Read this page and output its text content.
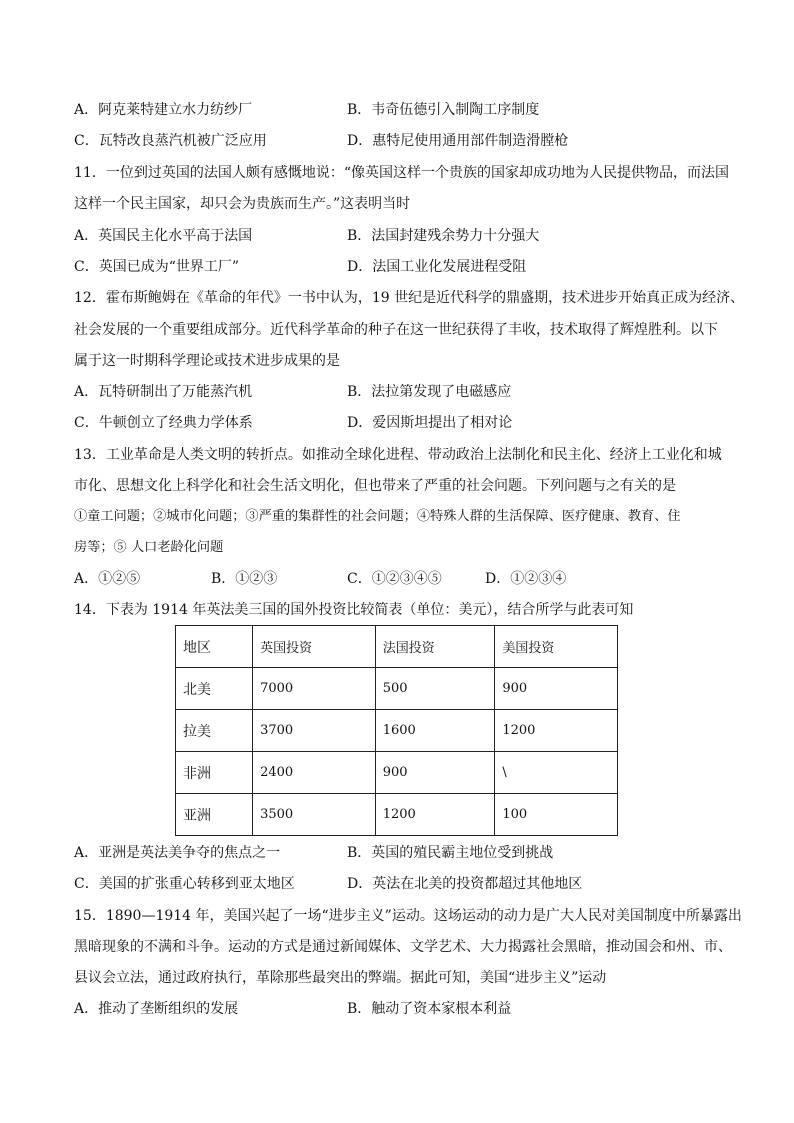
A．阿克莱特建立水力纺纱厂	B．韦奇伍德引入制陶工序制度
C．瓦特改良蒸汽机被广泛应用	D．惠特尼使用通用部件制造滑膛枪
11．一位到过英国的法国人颇有感慨地说：“像英国这样一个贵族的国家却成功地为人民提供物品，而法国
这样一个民主国家，却只会为贵族而生产。”这表明当时
A．英国民主化水平高于法国	B．法国封建残余势力十分强大
C．英国已成为“世界工厂”	D．法国工业化发展进程受阻
12．霍布斯鲍姆在《革命的年代》一书中认为，19 世纪是近代科学的鼎盛期，技术进步开始真正成为经济、
社会发展的一个重要组成部分。近代科学革命的种子在这一世纪获得了丰收，技术取得了辉煌胜利。以下
属于这一时期科学理论或技术进步成果的是
A．瓦特研制出了万能蒸汽机	B．法拉第发现了电磁感应
C．牛顿创立了经典力学体系	D．爱因斯坦提出了相对论
13．工业革命是人类文明的转折点。如推动全球化进程、带动政治上法制化和民主化、经济上工业化和城
市化、思想文化上科学化和社会生活文明化，但也带来了严重的社会问题。下列问题与之有关的是
①童工问题；②城市化问题；③严重的集群性的社会问题；④特殊人群的生活保障、医疗健康、教育、住
房等；⑤ 人口老龄化问题
A．①②⑤	B．①②③	C．①②③④⑤	D．①②③④
14．下表为 1914 年英法美三国的国外投资比较简表（单位：美元），结合所学与此表可知
地区	英国投资	法国投资	美国投资
北美	7000	500	900
拉美	3700	1600	1200
非洲	2400	900	\
亚洲	3500	1200	100
A．亚洲是英法美争夺的焦点之一	B．英国的殖民霸主地位受到挑战
C．美国的扩张重心转移到亚太地区	D．英法在北美的投资都超过其他地区
15．1890—1914 年，美国兴起了一场“进步主义”运动。这场运动的动力是广大人民对美国制度中所暴露出
黑暗现象的不满和斗争。运动的方式是通过新闻媒体、文学艺术、大力揭露社会黑暗，推动国会和州、市、
县议会立法，通过政府执行，革除那些最突出的弊端。据此可知，美国“进步主义”运动
A．推动了垄断组织的发展	B．触动了资本家根本利益
